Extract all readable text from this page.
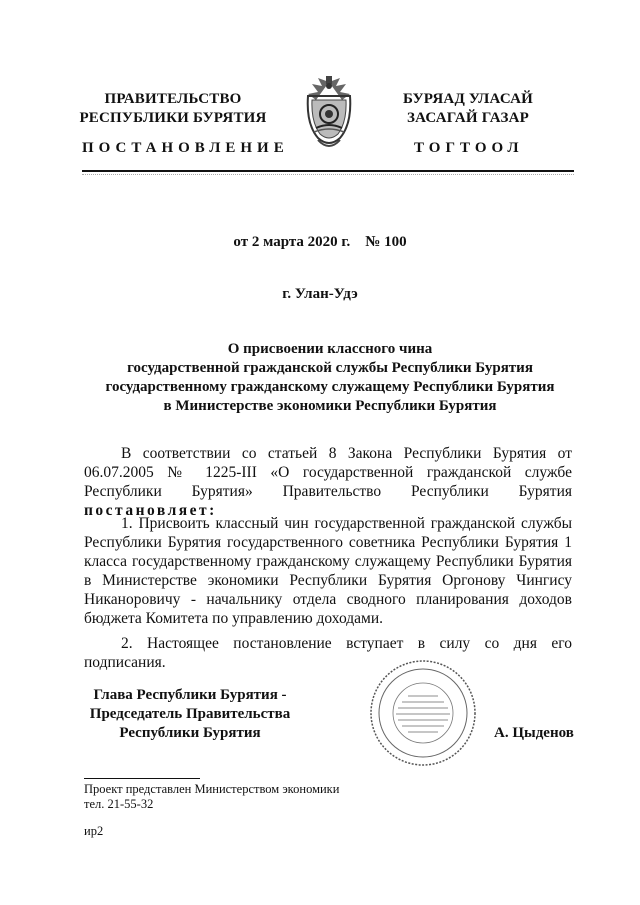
ПРАВИТЕЛЬСТВО
РЕСПУБЛИКИ БУРЯТИЯ
ПОСТАНОВЛЕНИЕ
БУРЯАД УЛАСАЙ
ЗАСАГАЙ ГАЗАР
ТОГТООЛ
от 2 марта 2020 г.    № 100
г. Улан-Удэ
О присвоении классного чина
государственной гражданской службы Республики Бурятия
государственному гражданскому служащему Республики Бурятия
в Министерстве экономики Республики Бурятия

В соответствии со статьей 8 Закона Республики Бурятия от 06.07.2005 № 1225-III «О государственной гражданской службе Республики Бурятия» Правительство Республики Бурятия постановляет:

1. Присвоить классный чин государственной гражданской службы Республики Бурятия государственного советника Республики Бурятия 1 класса государственному гражданскому служащему Республики Бурятия в Министерстве экономики Республики Бурятия Оргонову Чингису Никаноровичу - начальнику отдела сводного планирования доходов бюджета Комитета по управлению доходами.

2. Настоящее постановление вступает в силу со дня его подписания.

Глава Республики Бурятия -
Председатель Правительства
Республики Бурятия	А. Цыденов
Проект представлен Министерством экономики
тел. 21-55-32
ир2
